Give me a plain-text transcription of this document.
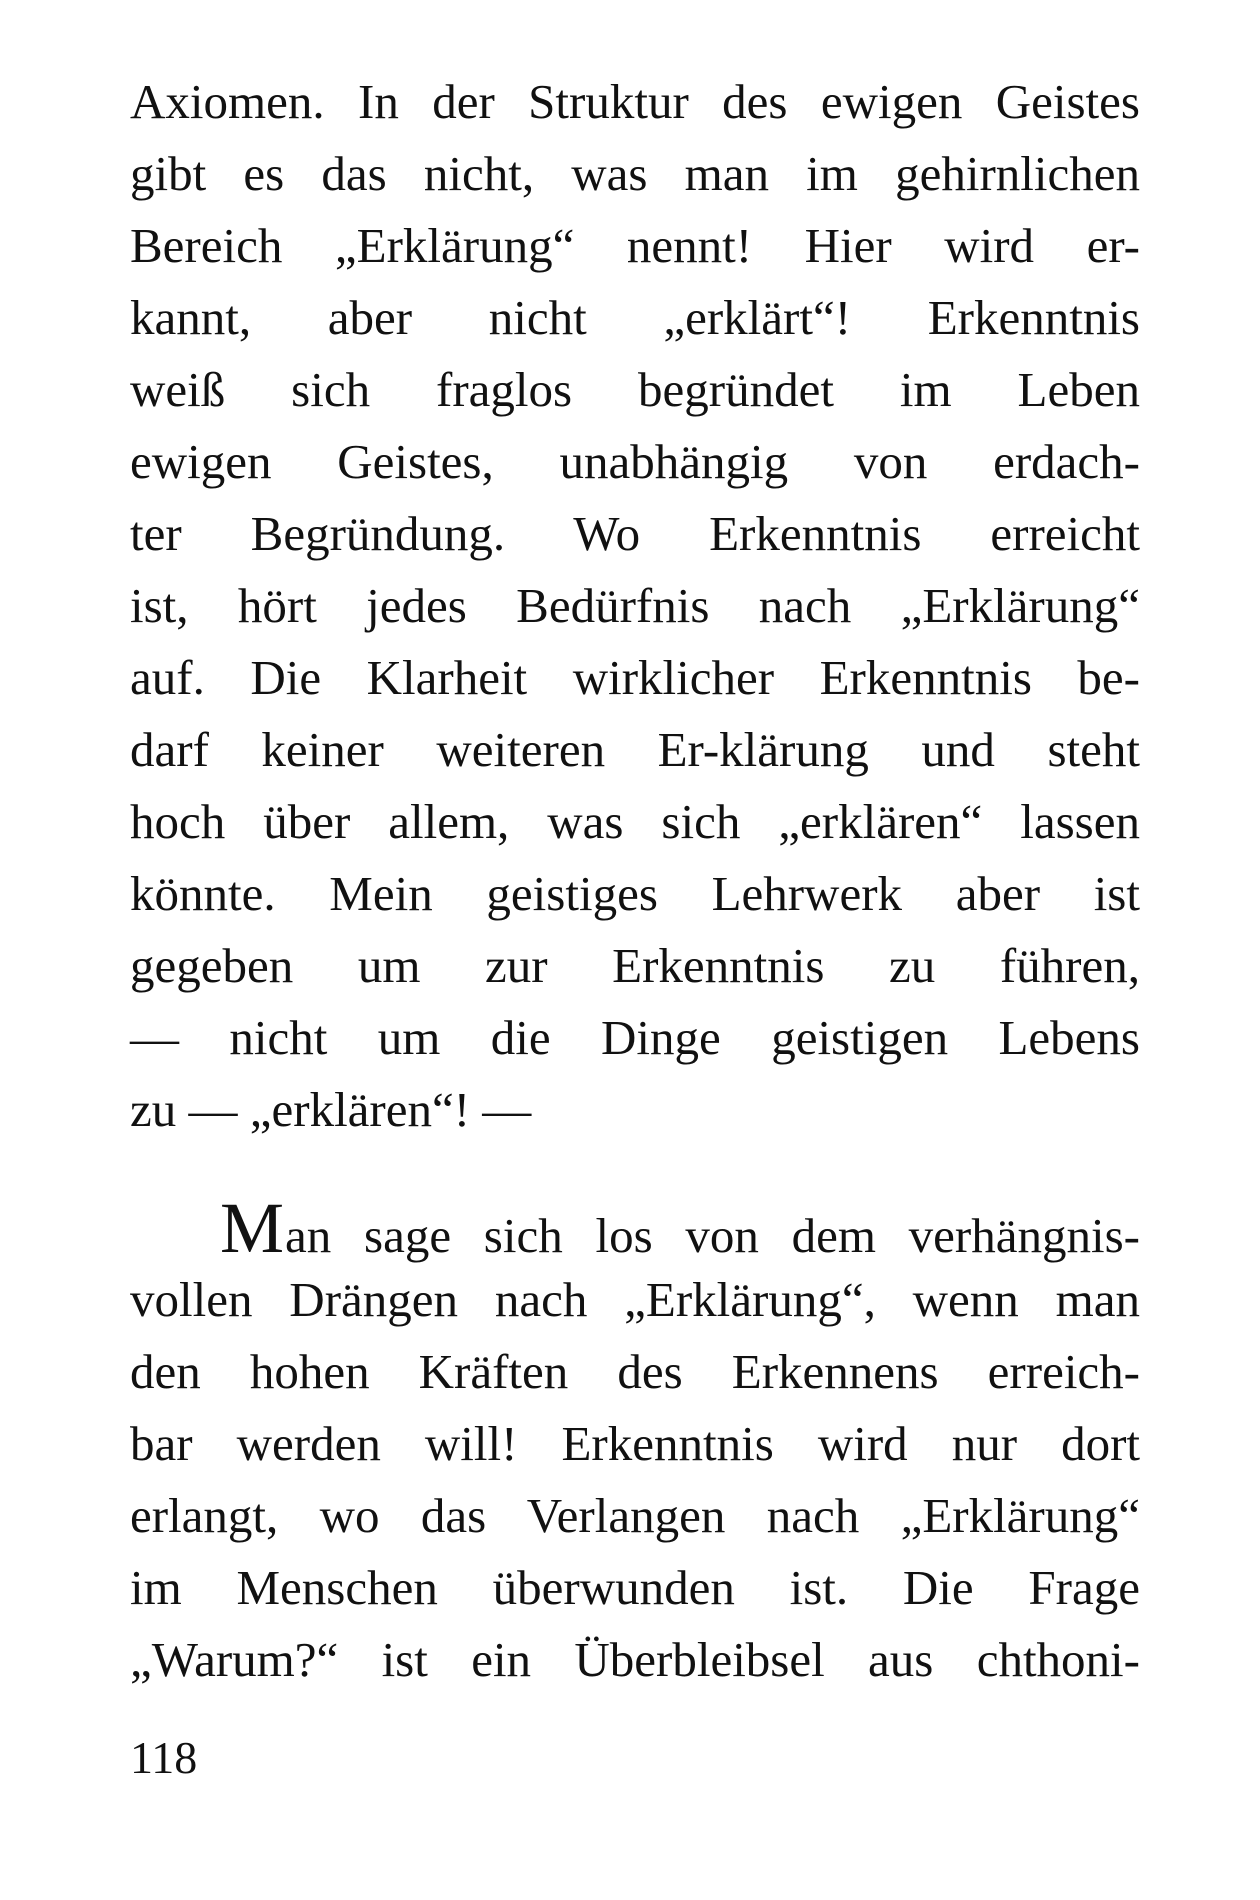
Axiomen. In der Struktur des ewigen Geistes
gibt es das nicht, was man im gehirnlichen
Bereich „Erklärung“ nennt! Hier wird er-
kannt, aber nicht „erklärt“! Erkenntnis
weiß sich fraglos begründet im Leben
ewigen Geistes, unabhängig von erdach-
ter Begründung. Wo Erkenntnis erreicht
ist, hört jedes Bedürfnis nach „Erklärung“
auf. Die Klarheit wirklicher Erkenntnis be-
darf keiner weiteren Er-klärung und steht
hoch über allem, was sich „erklären“ lassen
könnte. Mein geistiges Lehrwerk aber ist
gegeben um zur Erkenntnis zu führen,
— nicht um die Dinge geistigen Lebens
zu — „erklären“! —
Man sage sich los von dem verhängnis-
vollen Drängen nach „Erklärung“, wenn man
den hohen Kräften des Erkennens erreich-
bar werden will! Erkenntnis wird nur dort
erlangt, wo das Verlangen nach „Erklärung“
im Menschen überwunden ist. Die Frage
„Warum?“ ist ein Überbleibsel aus chthoni-
118
